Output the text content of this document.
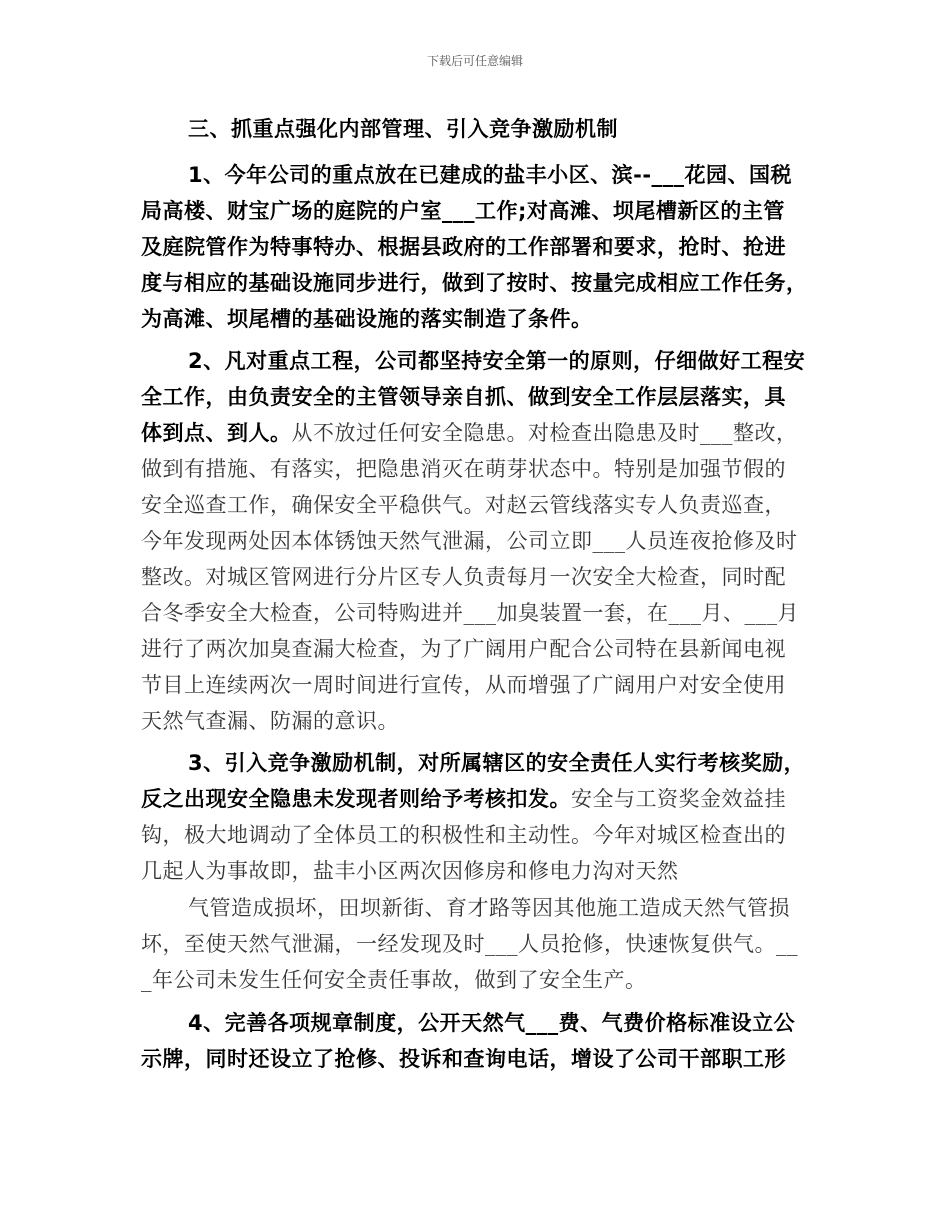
下载后可任意编辑
三、抓重点强化内部管理、引入竞争激励机制
1、今年公司的重点放在已建成的盐丰小区、滨--___花园、国税
局高楼、财宝广场的庭院的户室___工作;对高滩、坝尾槽新区的主管
及庭院管作为特事特办、根据县政府的工作部署和要求，抢时、抢进
度与相应的基础设施同步进行，做到了按时、按量完成相应工作任务，
为高滩、坝尾槽的基础设施的落实制造了条件。
2、凡对重点工程，公司都坚持安全第一的原则，仔细做好工程安
全工作，由负责安全的主管领导亲自抓、做到安全工作层层落实，具
体到点、到人。从不放过任何安全隐患。对检查出隐患及时___整改，
做到有措施、有落实，把隐患消灭在萌芽状态中。特别是加强节假的
安全巡查工作，确保安全平稳供气。对赵云管线落实专人负责巡查，
今年发现两处因本体锈蚀天然气泄漏，公司立即___人员连夜抢修及时
整改。对城区管网进行分片区专人负责每月一次安全大检查，同时配
合冬季安全大检查，公司特购进并___加臭装置一套，在___月、___月
进行了两次加臭查漏大检查，为了广阔用户配合公司特在县新闻电视
节目上连续两次一周时间进行宣传，从而增强了广阔用户对安全使用
天然气查漏、防漏的意识。
3、引入竞争激励机制，对所属辖区的安全责任人实行考核奖励，
反之出现安全隐患未发现者则给予考核扣发。安全与工资奖金效益挂
钩，极大地调动了全体员工的积极性和主动性。今年对城区检查出的
几起人为事故即，盐丰小区两次因修房和修电力沟对天然
气管造成损坏，田坝新街、育才路等因其他施工造成天然气管损
坏，至使天然气泄漏，一经发现及时___人员抢修，快速恢复供气。__
_年公司未发生任何安全责任事故，做到了安全生产。
4、完善各项规章制度，公开天然气___费、气费价格标准设立公
示牌，同时还设立了抢修、投诉和查询电话，增设了公司干部职工形
